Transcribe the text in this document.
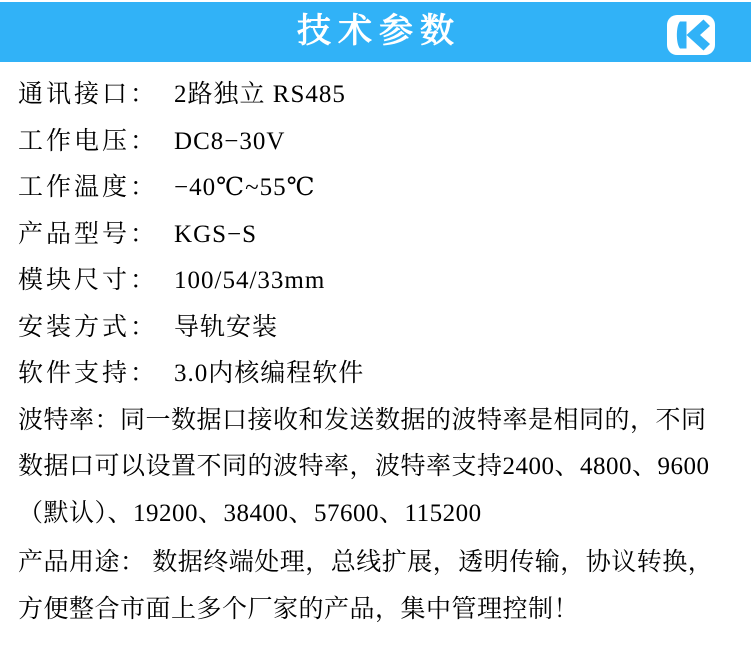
技术参数
通讯接口： 2路独立 RS485
工作电压： DC8−30V
工作温度： −40℃~55℃
产品型号： KGS−S
模块尺寸： 100/54/33mm
安装方式： 导轨安装
软件支持： 3.0内核编程软件

波特率：同一数据口接收和发送数据的波特率是相同的，不同

数据口可以设置不同的波特率，波特率支持2400、4800、9600

（默认）、19200、38400、57600、115200

产品用途： 数据终端处理，总线扩展，透明传输，协议转换，

方便整合市面上多个厂家的产品，集中管理控制！
